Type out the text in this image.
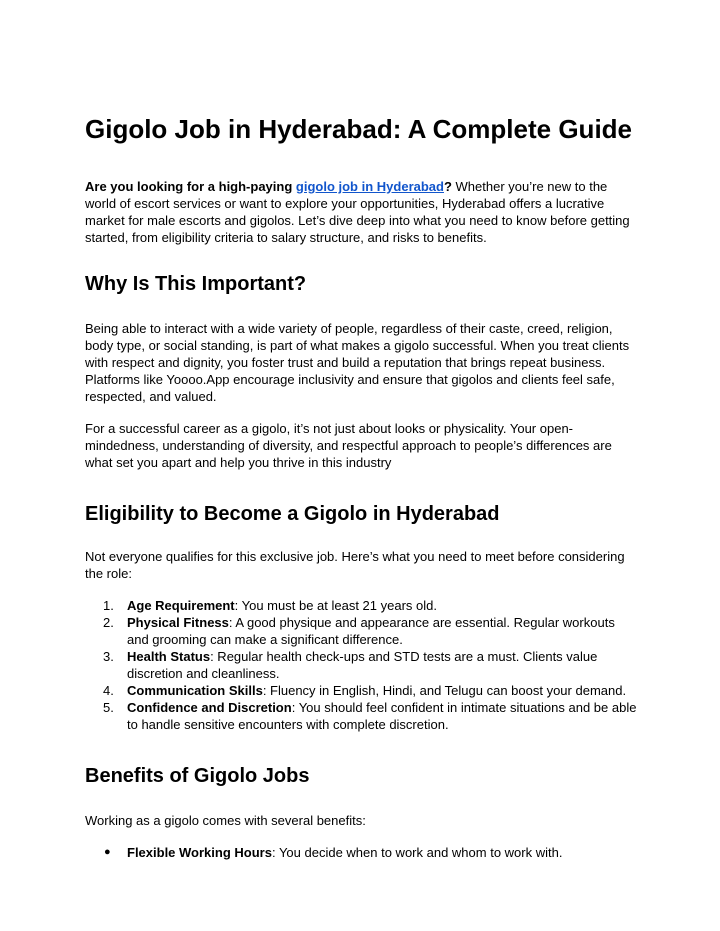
Gigolo Job in Hyderabad: A Complete Guide

Are you looking for a high-paying gigolo job in Hyderabad? Whether you’re new to the world of escort services or want to explore your opportunities, Hyderabad offers a lucrative market for male escorts and gigolos. Let’s dive deep into what you need to know before getting started, from eligibility criteria to salary structure, and risks to benefits.

Why Is This Important?

Being able to interact with a wide variety of people, regardless of their caste, creed, religion, body type, or social standing, is part of what makes a gigolo successful. When you treat clients with respect and dignity, you foster trust and build a reputation that brings repeat business. Platforms like Yoooo.App encourage inclusivity and ensure that gigolos and clients feel safe, respected, and valued.

For a successful career as a gigolo, it’s not just about looks or physicality. Your open-mindedness, understanding of diversity, and respectful approach to people’s differences are what set you apart and help you thrive in this industry

Eligibility to Become a Gigolo in Hyderabad

Not everyone qualifies for this exclusive job. Here’s what you need to meet before considering the role:

1.	Age Requirement: You must be at least 21 years old.
2.	Physical Fitness: A good physique and appearance are essential. Regular workouts and grooming can make a significant difference.
3.	Health Status: Regular health check-ups and STD tests are a must. Clients value discretion and cleanliness.
4.	Communication Skills: Fluency in English, Hindi, and Telugu can boost your demand.
5.	Confidence and Discretion: You should feel confident in intimate situations and be able to handle sensitive encounters with complete discretion.
Benefits of Gigolo Jobs

Working as a gigolo comes with several benefits:

● Flexible Working Hours: You decide when to work and whom to work with.
